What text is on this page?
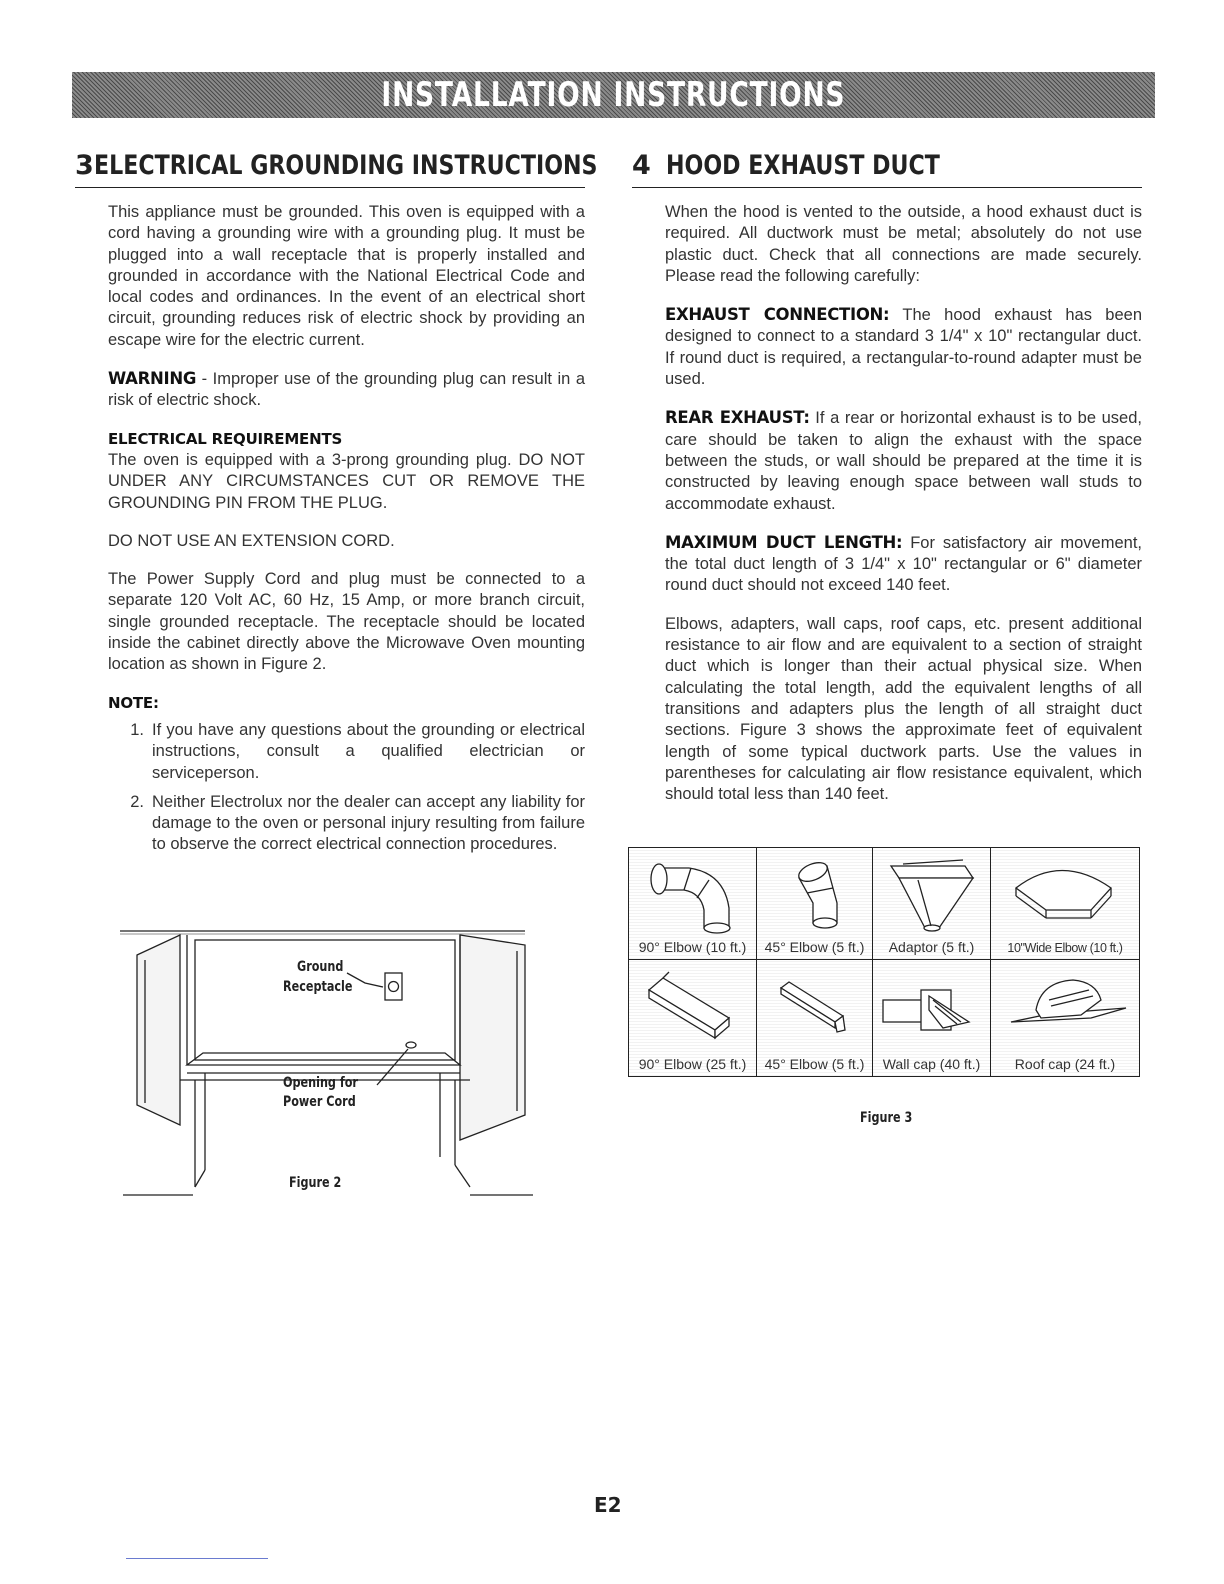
INSTALLATION INSTRUCTIONS
3 ELECTRICAL GROUNDING INSTRUCTIONS

This appliance must be grounded. This oven is equipped with a cord having a grounding wire with a grounding plug. It must be plugged into a wall receptacle that is properly installed and grounded in accordance with the National Electrical Code and local codes and ordinances. In the event of an electrical short circuit, grounding reduces risk of electric shock by providing an escape wire for the electric current.

WARNING - Improper use of the grounding plug can result in a risk of electric shock.

ELECTRICAL REQUIREMENTS

The oven is equipped with a 3-prong grounding plug. DO NOT UNDER ANY CIRCUMSTANCES CUT OR REMOVE THE GROUNDING PIN FROM THE PLUG.

DO NOT USE AN EXTENSION CORD.

The Power Supply Cord and plug must be connected to a separate 120 Volt AC, 60 Hz, 15 Amp, or more branch circuit, single grounded receptacle. The receptacle should be located inside the cabinet directly above the Microwave Oven mounting location as shown in Figure 2.

NOTE:
1. If you have any questions about the grounding or electrical instructions, consult a qualified electrician or serviceperson.
2. Neither Electrolux nor the dealer can accept any liability for damage to the oven or personal injury resulting from failure to observe the correct electrical connection procedures.
Ground
Receptacle
Opening for
Power Cord
Figure 2
4 HOOD EXHAUST DUCT

When the hood is vented to the outside, a hood exhaust duct is required. All ductwork must be metal; absolutely do not use plastic duct. Check that all connections are made securely. Please read the following carefully:

EXHAUST CONNECTION: The hood exhaust has been designed to connect to a standard 3 1/4" x 10" rectangular duct. If round duct is required, a rectangular-to-round adapter must be used.

REAR EXHAUST: If a rear or horizontal exhaust is to be used, care should be taken to align the exhaust with the space between the studs, or wall should be prepared at the time it is constructed by leaving enough space between wall studs to accommodate exhaust.

MAXIMUM DUCT LENGTH: For satisfactory air movement, the total duct length of 3 1/4" x 10" rectangular or 6" diameter round duct should not exceed 140 feet.

Elbows, adapters, wall caps, roof caps, etc. present additional resistance to air flow and are equivalent to a section of straight duct which is longer than their actual physical size. When calculating the total length, add the equivalent lengths of all transitions and adapters plus the length of all straight duct sections. Figure 3 shows the approximate feet of equivalent length of some typical ductwork parts. Use the values in parentheses for calculating air flow resistance equivalent, which should total less than 140 feet.

90° Elbow (10 ft.)	45° Elbow (5 ft.)	Adaptor (5 ft.)	10"Wide Elbow (10 ft.)
90° Elbow (25 ft.)	45° Elbow (5 ft.)	Wall cap (40 ft.)	Roof cap (24 ft.)
Figure 3
E2
